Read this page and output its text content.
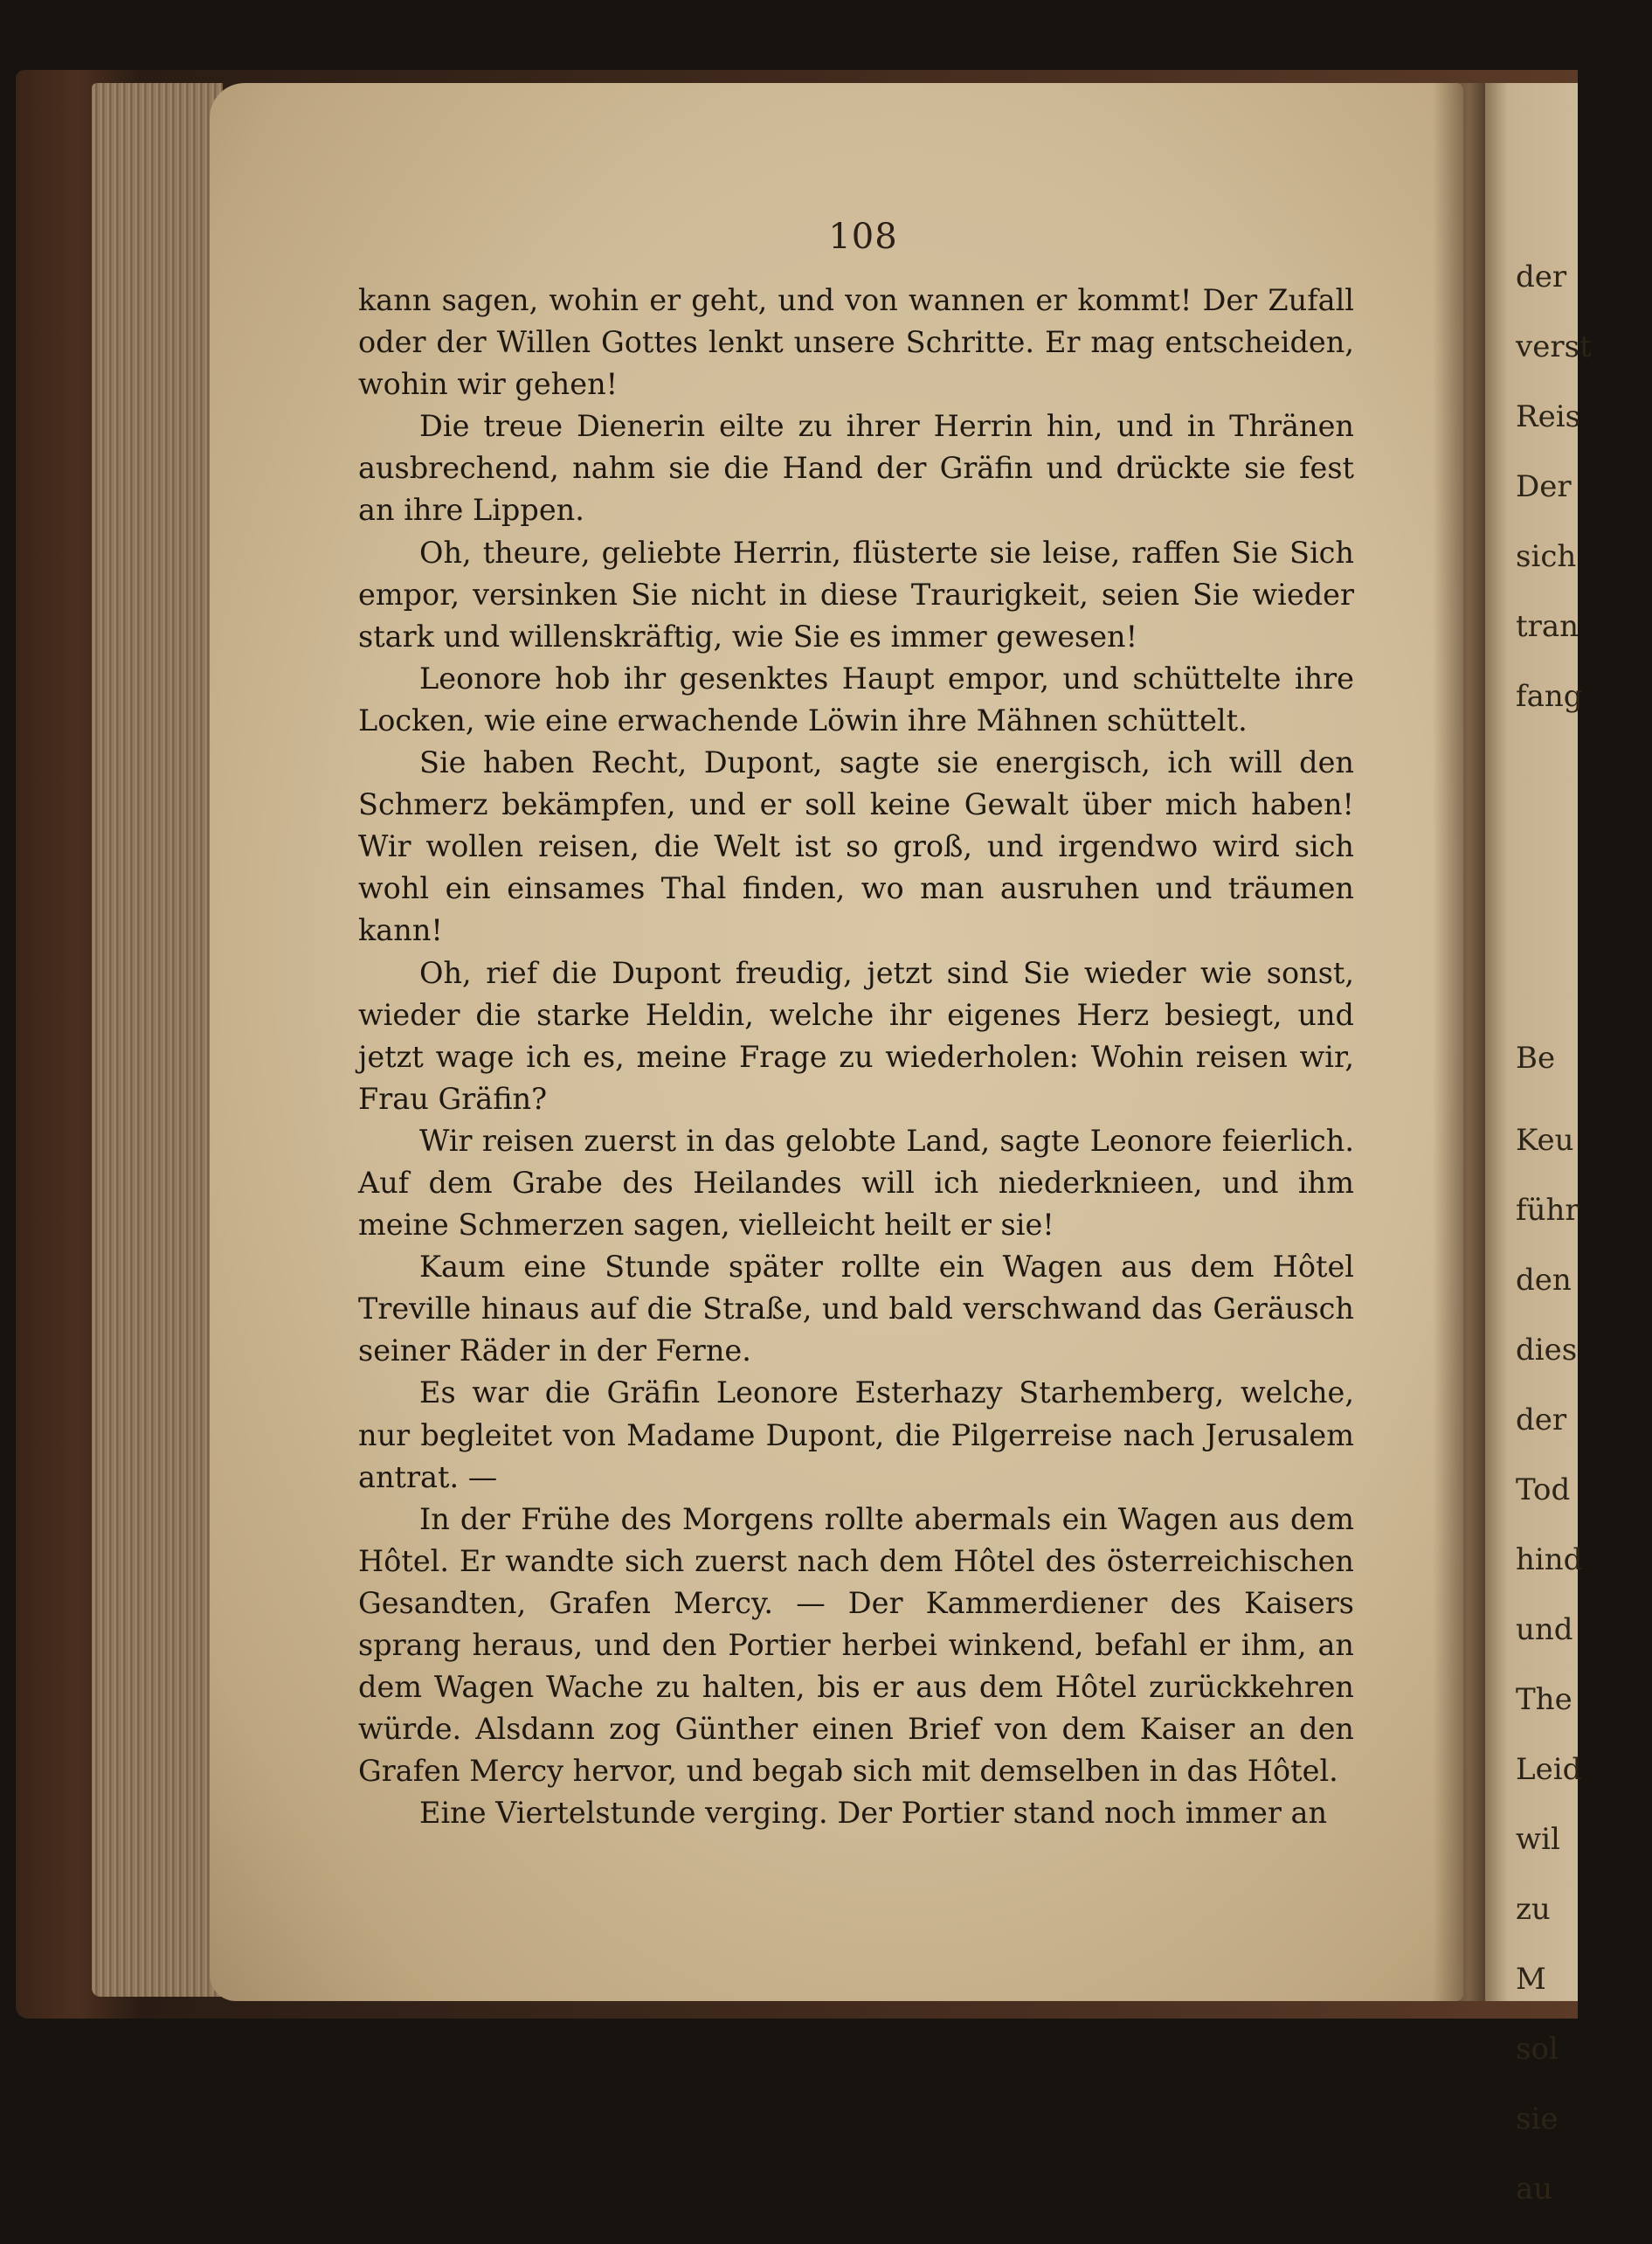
der
verst
Reis
Der
sich
tran
fang
Be
Keu
führ
den
dies
der
Tod
hind
und
The
Leid
wil
zu
M
sol
sie
au
108

kann sagen, wohin er geht, und von wannen er kommt! Der Zufall oder der Willen Gottes lenkt unsere Schritte. Er mag entscheiden, wohin wir gehen!

Die treue Dienerin eilte zu ihrer Herrin hin, und in Thränen ausbrechend, nahm sie die Hand der Gräfin und drückte sie fest an ihre Lippen.

Oh, theure, geliebte Herrin, flüsterte sie leise, raffen Sie Sich empor, versinken Sie nicht in diese Traurigkeit, seien Sie wieder stark und willenskräftig, wie Sie es immer gewesen!

Leonore hob ihr gesenktes Haupt empor, und schüttelte ihre Locken, wie eine erwachende Löwin ihre Mähnen schüttelt.

Sie haben Recht, Dupont, sagte sie energisch, ich will den Schmerz bekämpfen, und er soll keine Gewalt über mich haben! Wir wollen reisen, die Welt ist so groß, und irgendwo wird sich wohl ein einsames Thal finden, wo man ausruhen und träumen kann!

Oh, rief die Dupont freudig, jetzt sind Sie wieder wie sonst, wieder die starke Heldin, welche ihr eigenes Herz besiegt, und jetzt wage ich es, meine Frage zu wiederholen: Wohin reisen wir, Frau Gräfin?

Wir reisen zuerst in das gelobte Land, sagte Leonore feierlich. Auf dem Grabe des Heilandes will ich niederknieen, und ihm meine Schmerzen sagen, vielleicht heilt er sie!

Kaum eine Stunde später rollte ein Wagen aus dem Hôtel Treville hinaus auf die Straße, und bald verschwand das Geräusch seiner Räder in der Ferne.

Es war die Gräfin Leonore Esterhazy Starhemberg, welche, nur begleitet von Madame Dupont, die Pilgerreise nach Jerusalem antrat. —

In der Frühe des Morgens rollte abermals ein Wagen aus dem Hôtel. Er wandte sich zuerst nach dem Hôtel des österreichischen Gesandten, Grafen Mercy. — Der Kammerdiener des Kaisers sprang heraus, und den Portier herbei winkend, befahl er ihm, an dem Wagen Wache zu halten, bis er aus dem Hôtel zurückkehren würde. Alsdann zog Günther einen Brief von dem Kaiser an den Grafen Mercy hervor, und begab sich mit demselben in das Hôtel.

Eine Viertelstunde verging. Der Portier stand noch immer an
